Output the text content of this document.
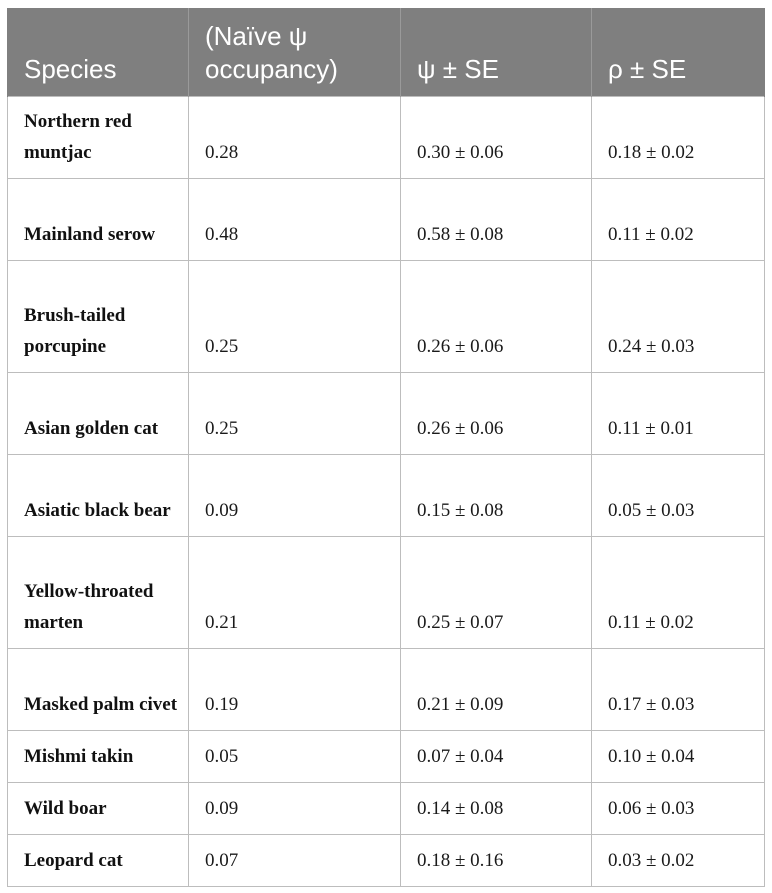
Species	(Naïve ψ occupancy)	ψ ± SE	ρ ± SE
Northern red muntjac	0.28	0.30 ± 0.06	0.18 ± 0.02
Mainland serow	0.48	0.58 ± 0.08	0.11 ± 0.02
Brush-tailed porcupine	0.25	0.26 ± 0.06	0.24 ± 0.03
Asian golden cat	0.25	0.26 ± 0.06	0.11 ± 0.01
Asiatic black bear	0.09	0.15 ± 0.08	0.05 ± 0.03
Yellow-throated marten	0.21	0.25 ± 0.07	0.11 ± 0.02
Masked palm civet	0.19	0.21 ± 0.09	0.17 ± 0.03
Mishmi takin	0.05	0.07 ± 0.04	0.10 ± 0.04
Wild boar	0.09	0.14 ± 0.08	0.06 ± 0.03
Leopard cat	0.07	0.18 ± 0.16	0.03 ± 0.02
